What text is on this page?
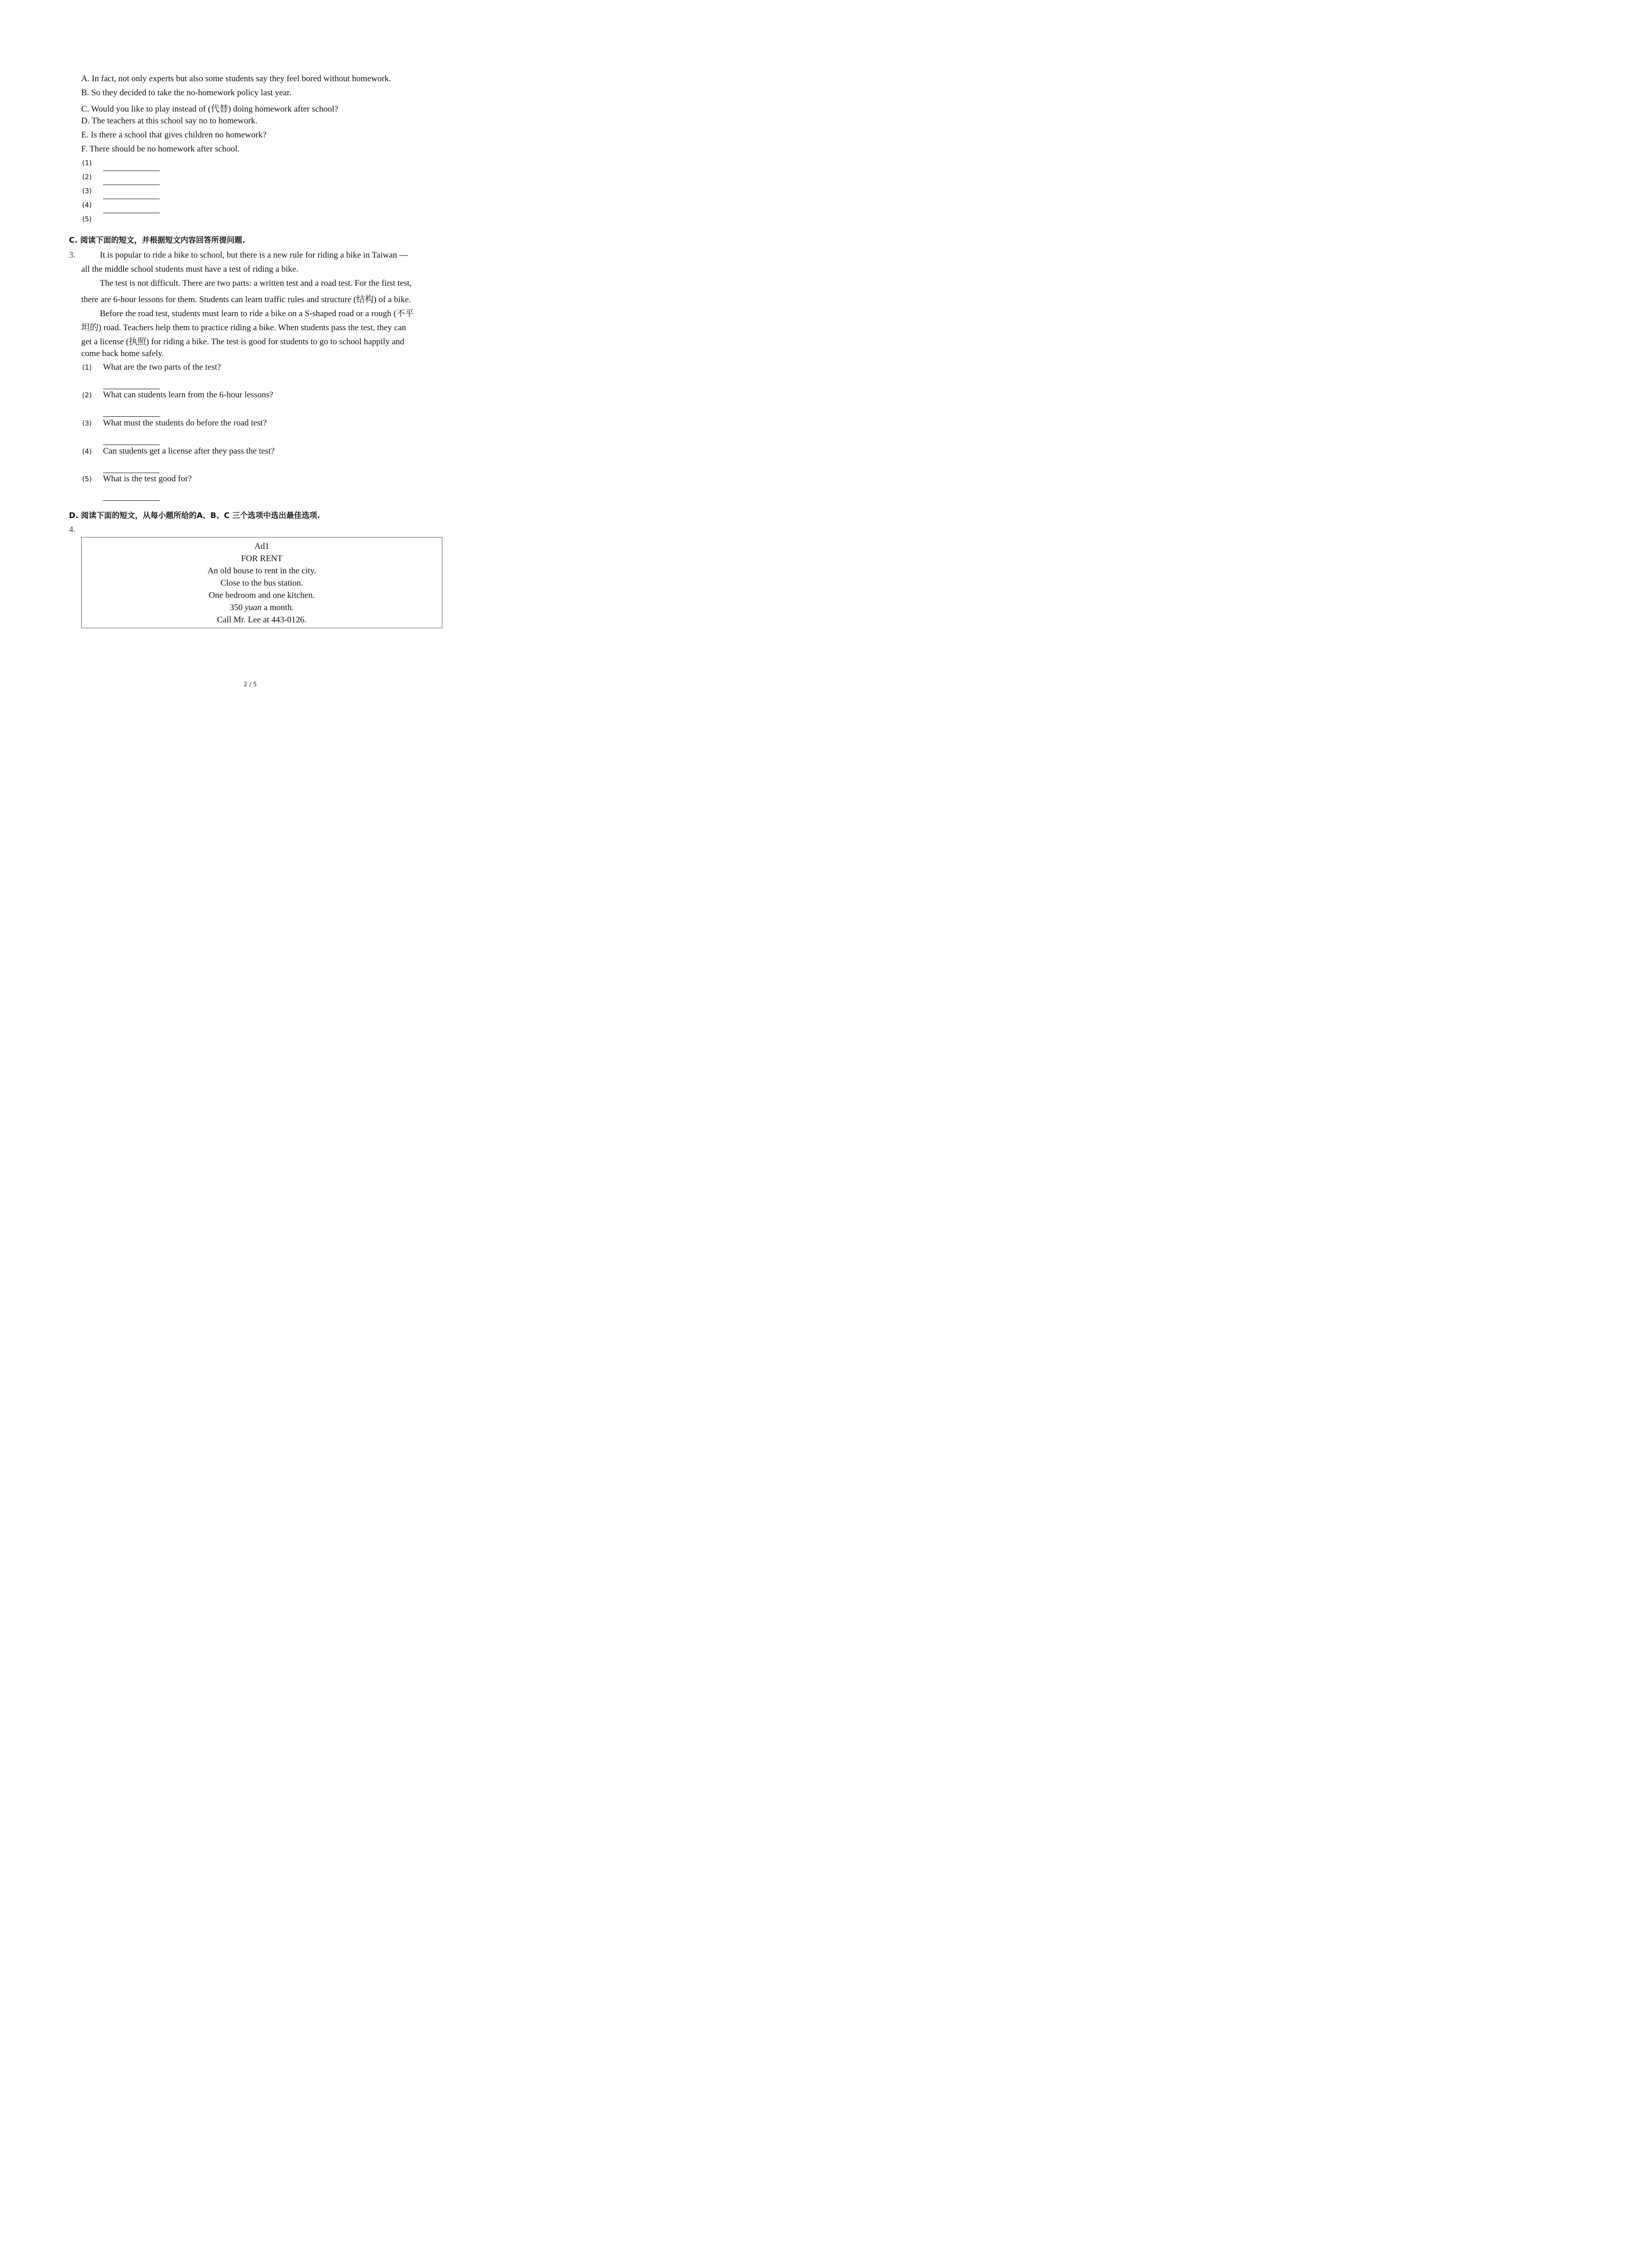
A. In fact, not only experts but also some students say they feel bored without homework.
B. So they decided to take the no-homework policy last year.
C. Would you like to play instead of (代替) doing homework after school?
D. The teachers at this school say no to homework.
E. Is there a school that gives children no homework?
F. There should be no homework after school.
(1)
(2)
(3)
(4)
(5)
C. 阅读下面的短文，并根据短文内容回答所提问题.
3.	It is popular to ride a bike to school, but there is a new rule for riding a bike in Taiwan —
all the middle school students must have a test of riding a bike.
The test is not difficult. There are two parts: a written test and a road test. For the first test,
there are 6-hour lessons for them. Students can learn traffic rules and structure (结构) of a bike.
Before the road test, students must learn to ride a bike on a S-shaped road or a rough (不平
坦的) road. Teachers help them to practice riding a bike. When students pass the test, they can
get a license (执照) for riding a bike. The test is good for students to go to school happily and
come back home safely.
(1) What are the two parts of the test?
(2) What can students learn from the 6-hour lessons?
(3) What must the students do before the road test?
(4) Can students get a license after they pass the test?
(5) What is the test good for?
D. 阅读下面的短文，从每小题所给的A、B、C 三个选项中选出最佳选项.
4.
Ad1
FOR RENT
An old house to rent in the city.
Close to the bus station.
One bedroom and one kitchen.
350 yuan a month.
Call Mr. Lee at 443-0126.
2 / 5
